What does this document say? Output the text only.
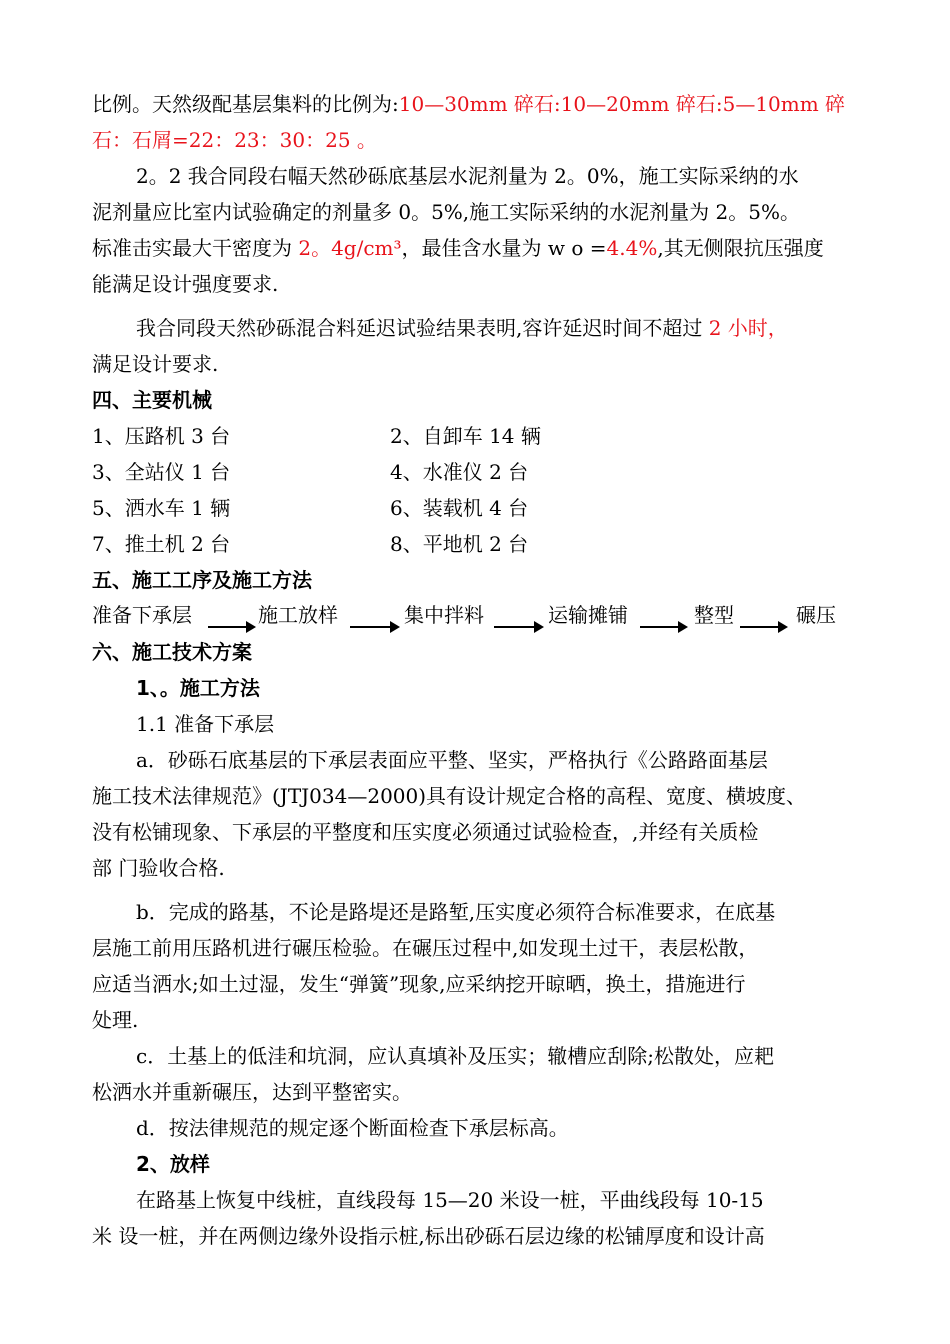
比例。天然级配基层集料的比例为:10—30mm 碎石:10—20mm 碎石:5—10mm 碎
石：石屑=22：23：30：25 。
2。2 我合同段右幅天然砂砾底基层水泥剂量为 2。0%，施工实际采纳的水
泥剂量应比室内试验确定的剂量多 0。5%,施工实际采纳的水泥剂量为 2。5%。
标准击实最大干密度为 2。4g/cm³，最佳含水量为 w o =4.4%,其无侧限抗压强度
能满足设计强度要求.
我合同段天然砂砾混合料延迟试验结果表明,容许延迟时间不超过 2 小时，
满足设计要求.
四、主要机械
1、压路机 3 台	2、自卸车 14 辆
3、全站仪 1 台	4、水准仪 2 台
5、洒水车 1 辆	6、装载机 4 台
7、推土机 2 台	8、平地机 2 台
五、施工工序及施工方法
准备下承层	施工放样	集中拌料	运输摊铺	整型	碾压
六、施工技术方案
1、。施工方法
1.1 准备下承层
a．砂砾石底基层的下承层表面应平整、坚实，严格执行《公路路面基层
施工技术法律规范》(JTJ034—2000)具有设计规定合格的高程、宽度、横坡度、
没有松铺现象、下承层的平整度和压实度必须通过试验检查，,并经有关质检
部 门验收合格.
b．完成的路基，不论是路堤还是路堑,压实度必须符合标准要求，在底基
层施工前用压路机进行碾压检验。在碾压过程中,如发现土过干，表层松散，
应适当洒水;如土过湿，发生“弹簧”现象,应采纳挖开晾晒，换土，措施进行
处理.
c．土基上的低洼和坑洞，应认真填补及压实；辙槽应刮除;松散处，应耙
松洒水并重新碾压，达到平整密实。
d．按法律规范的规定逐个断面检查下承层标高。
2、放样
在路基上恢复中线桩，直线段每 15—20 米设一桩，平曲线段每 10-15
米 设一桩，并在两侧边缘外设指示桩,标出砂砾石层边缘的松铺厚度和设计高
